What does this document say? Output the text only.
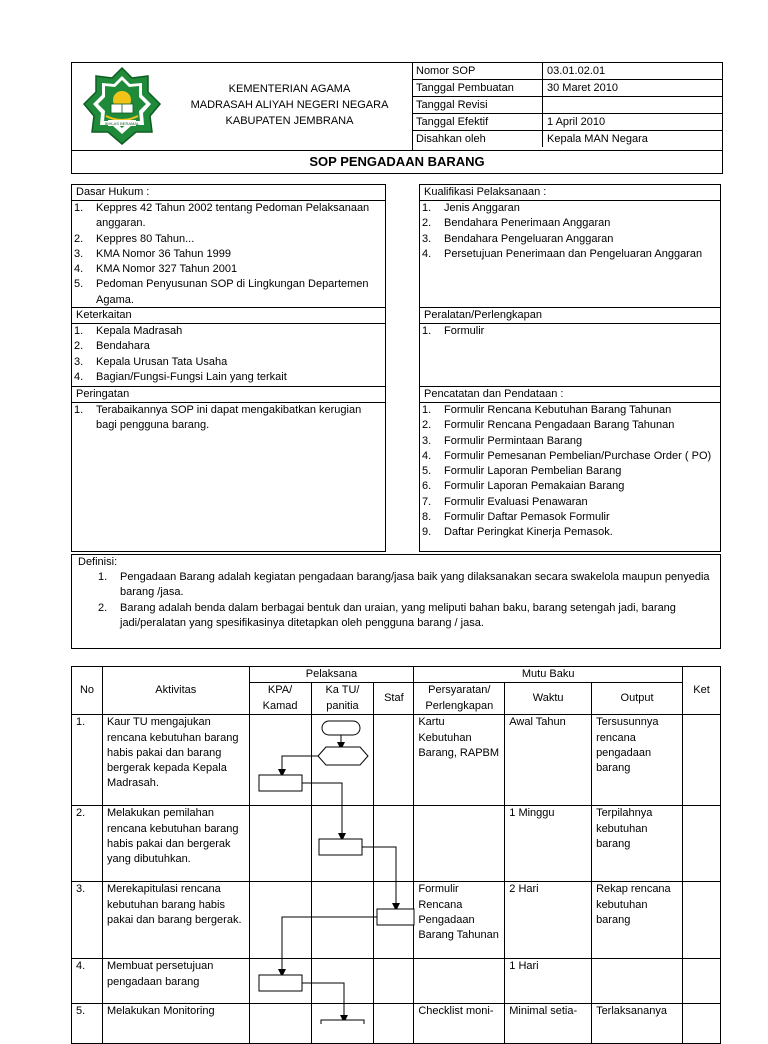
IKHLAS BERAMAL
KEMENTERIAN AGAMA
MADRASAH ALIYAH NEGERI NEGARA
KABUPATEN JEMBRANA
Nomor SOP	03.01.02.01
Tanggal Pembuatan	30 Maret 2010
Tanggal Revisi	
Tanggal Efektif	1 April 2010
Disahkan oleh	Kepala MAN Negara
SOP PENGADAAN BARANG
Dasar Hukum :
1. Keppres 42 Tahun 2002 tentang Pedoman Pelaksanaan anggaran.
2. Keppres 80 Tahun...
3. KMA Nomor 36 Tahun 1999
4. KMA Nomor 327 Tahun 2001
5. Pedoman Penyusunan SOP di Lingkungan Departemen Agama.
Keterkaitan
1. Kepala Madrasah
2. Bendahara
3. Kepala Urusan Tata Usaha
4. Bagian/Fungsi-Fungsi Lain yang terkait
Peringatan
1. Terabaikannya SOP ini dapat mengakibatkan kerugian bagi pengguna barang.
Kualifikasi Pelaksanaan :
1. Jenis Anggaran
2. Bendahara Penerimaan Anggaran
3. Bendahara Pengeluaran Anggaran
4. Persetujuan Penerimaan dan Pengeluaran Anggaran
Peralatan/Perlengkapan
1. Formulir
Pencatatan dan Pendataan :
1. Formulir Rencana Kebutuhan Barang Tahunan
2. Formulir Rencana Pengadaan Barang Tahunan
3. Formulir Permintaan Barang
4. Formulir Pemesanan Pembelian/Purchase Order ( PO)
5. Formulir Laporan Pembelian Barang
6. Formulir Laporan Pemakaian Barang
7. Formulir Evaluasi Penawaran
8. Formulir Daftar Pemasok Formulir
9. Daftar Peringkat Kinerja Pemasok.
Definisi:
1. Pengadaan Barang adalah kegiatan pengadaan barang/jasa baik yang dilaksanakan secara swakelola maupun penyedia barang /jasa.
2. Barang adalah benda dalam berbagai bentuk dan uraian, yang meliputi bahan baku, barang setengah jadi, barang jadi/peralatan yang spesifikasinya ditetapkan oleh pengguna barang / jasa.
No	Aktivitas	Pelaksana			Mutu Baku			Ket
		KPA/ Kamad	Ka TU/ panitia	Staf	Persyaratan/ Perlengkapan	Waktu	Output	
1.	Kaur TU mengajukan rencana kebutuhan barang habis pakai dan barang bergerak kepada Kepala Madrasah.				Kartu Kebutuhan Barang, RAPBM	Awal Tahun	Tersusunnya rencana pengadaan barang	
2.	Melakukan pemilahan rencana kebutuhan barang habis pakai dan bergerak yang dibutuhkan.					1 Minggu	Terpilahnya kebutuhan barang	
3.	Merekapitulasi rencana kebutuhan barang habis pakai dan barang bergerak.				Formulir Rencana Pengadaan Barang Tahunan	2 Hari	Rekap rencana kebutuhan barang	
4.	Membuat persetujuan pengadaan barang					1 Hari		
5.	Melakukan Monitoring				Checklist moni-	Minimal setia-	Terlaksananya	
